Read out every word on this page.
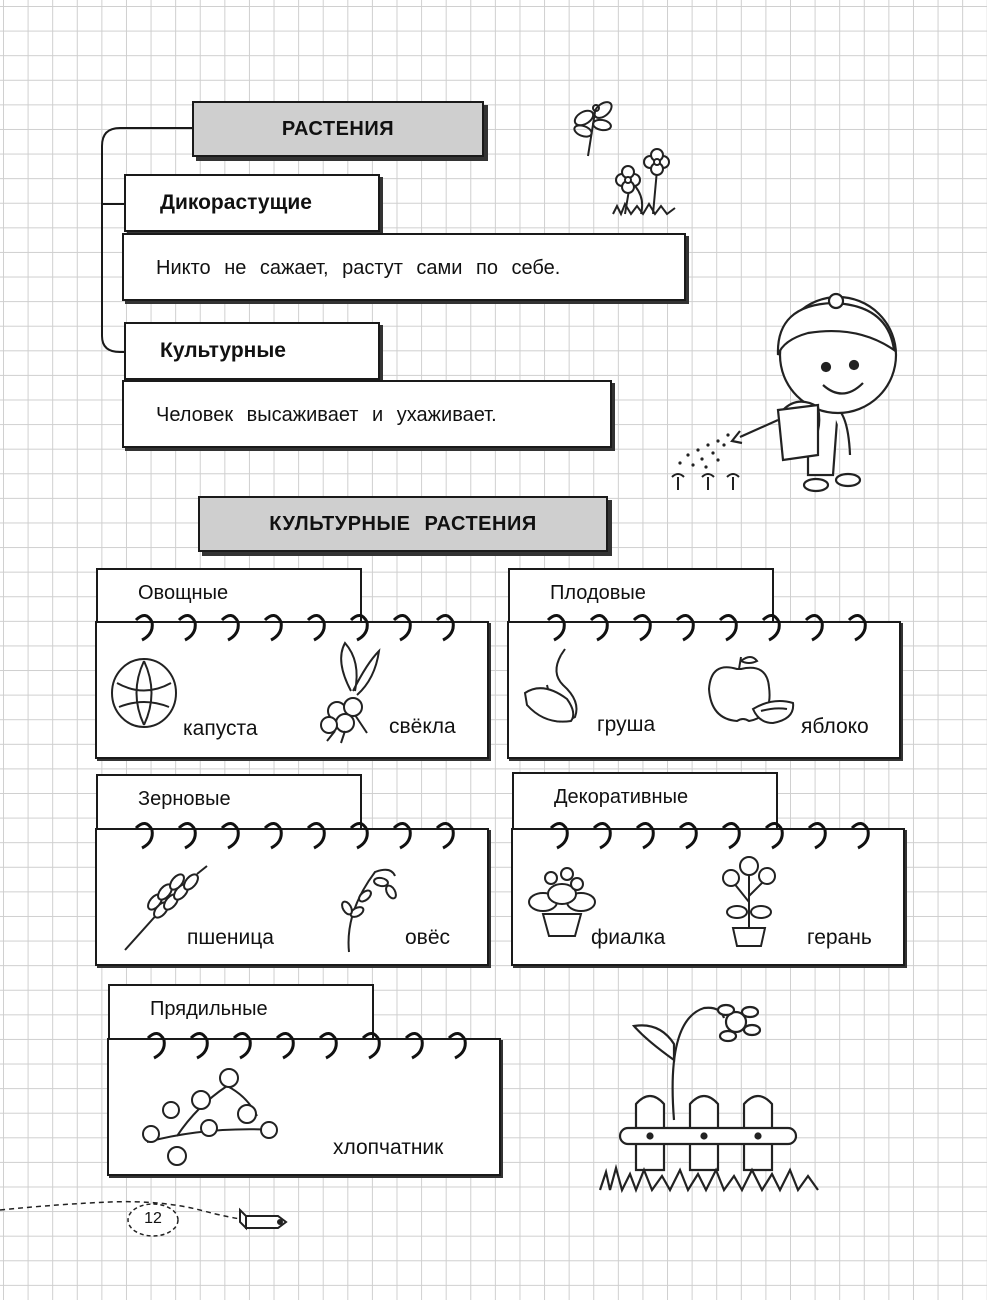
РАСТЕНИЯ
Дикорастущие
Никто не сажает, растут сами по себе.
Культурные
Человек высаживает и ухаживает.
КУЛЬТУРНЫЕ РАСТЕНИЯ
Овощные
капуста	свёкла
Плодовые
груша	яблоко
Зерновые
пшеница	овёс
Декоративные
фиалка	герань
Прядильные
хлопчатник
12
